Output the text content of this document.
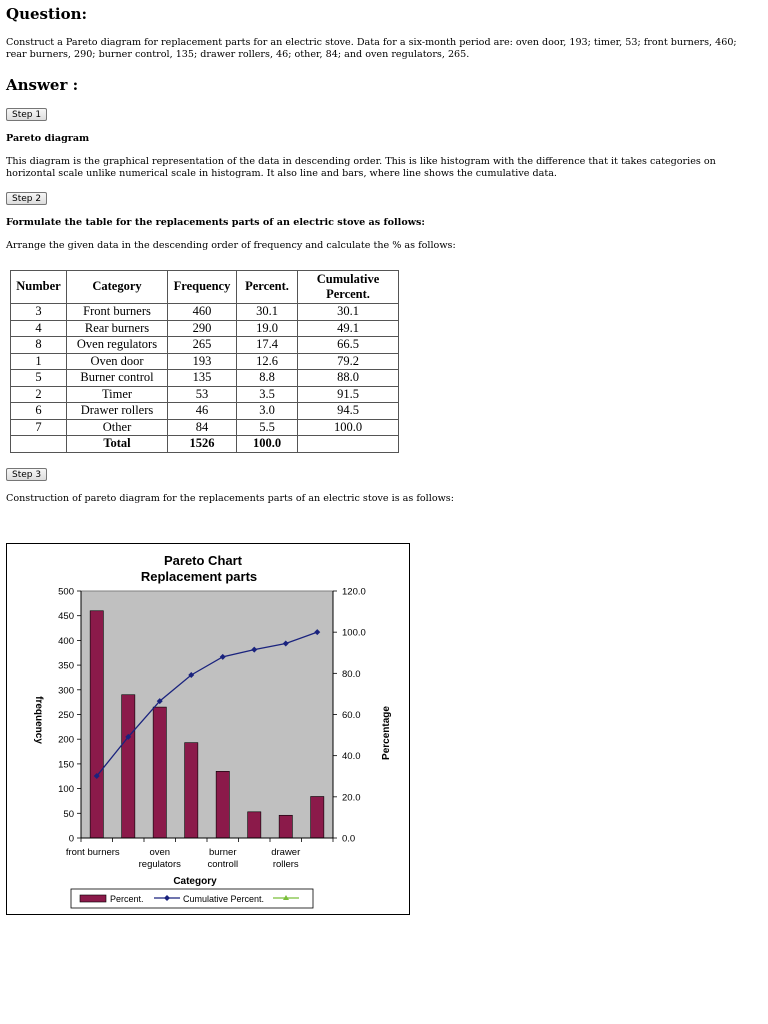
Question:

Construct a Pareto diagram for replacement parts for an electric stove. Data for a six-month period are: oven door, 193; timer, 53; front burners, 460; rear burners, 290; burner control, 135; drawer rollers, 46; other, 84; and oven regulators, 265.

Answer :
Step 1

Pareto diagram

This diagram is the graphical representation of the data in descending order. This is like histogram with the difference that it takes categories on horizontal scale unlike numerical scale in histogram. It also line and bars, where line shows the cumulative data.

Step 2

Formulate the table for the replacements parts of an electric stove as follows:

Arrange the given data in the descending order of frequency and calculate the % as follows:

Number	Category	Frequency	Percent.	Cumulative Percent.
3	Front burners	460	30.1	30.1
4	Rear burners	290	19.0	49.1
8	Oven regulators	265	17.4	66.5
1	Oven door	193	12.6	79.2
5	Burner control	135	8.8	88.0
2	Timer	53	3.5	91.5
6	Drawer rollers	46	3.0	94.5
7	Other	84	5.5	100.0
	Total	1526	100.0	
Step 3

Construction of pareto diagram for the replacements parts of an electric stove is as follows:

Pareto Chart
Replacement parts
0
50
100
150
200
250
300
350
400
450
500
0.0
20.0
40.0
60.0
80.0
100.0
120.0
front burners	oven regulators
burner controll
drawer rollers
Category
frequency	Percentage
Percent.	Cumulative Percent.
